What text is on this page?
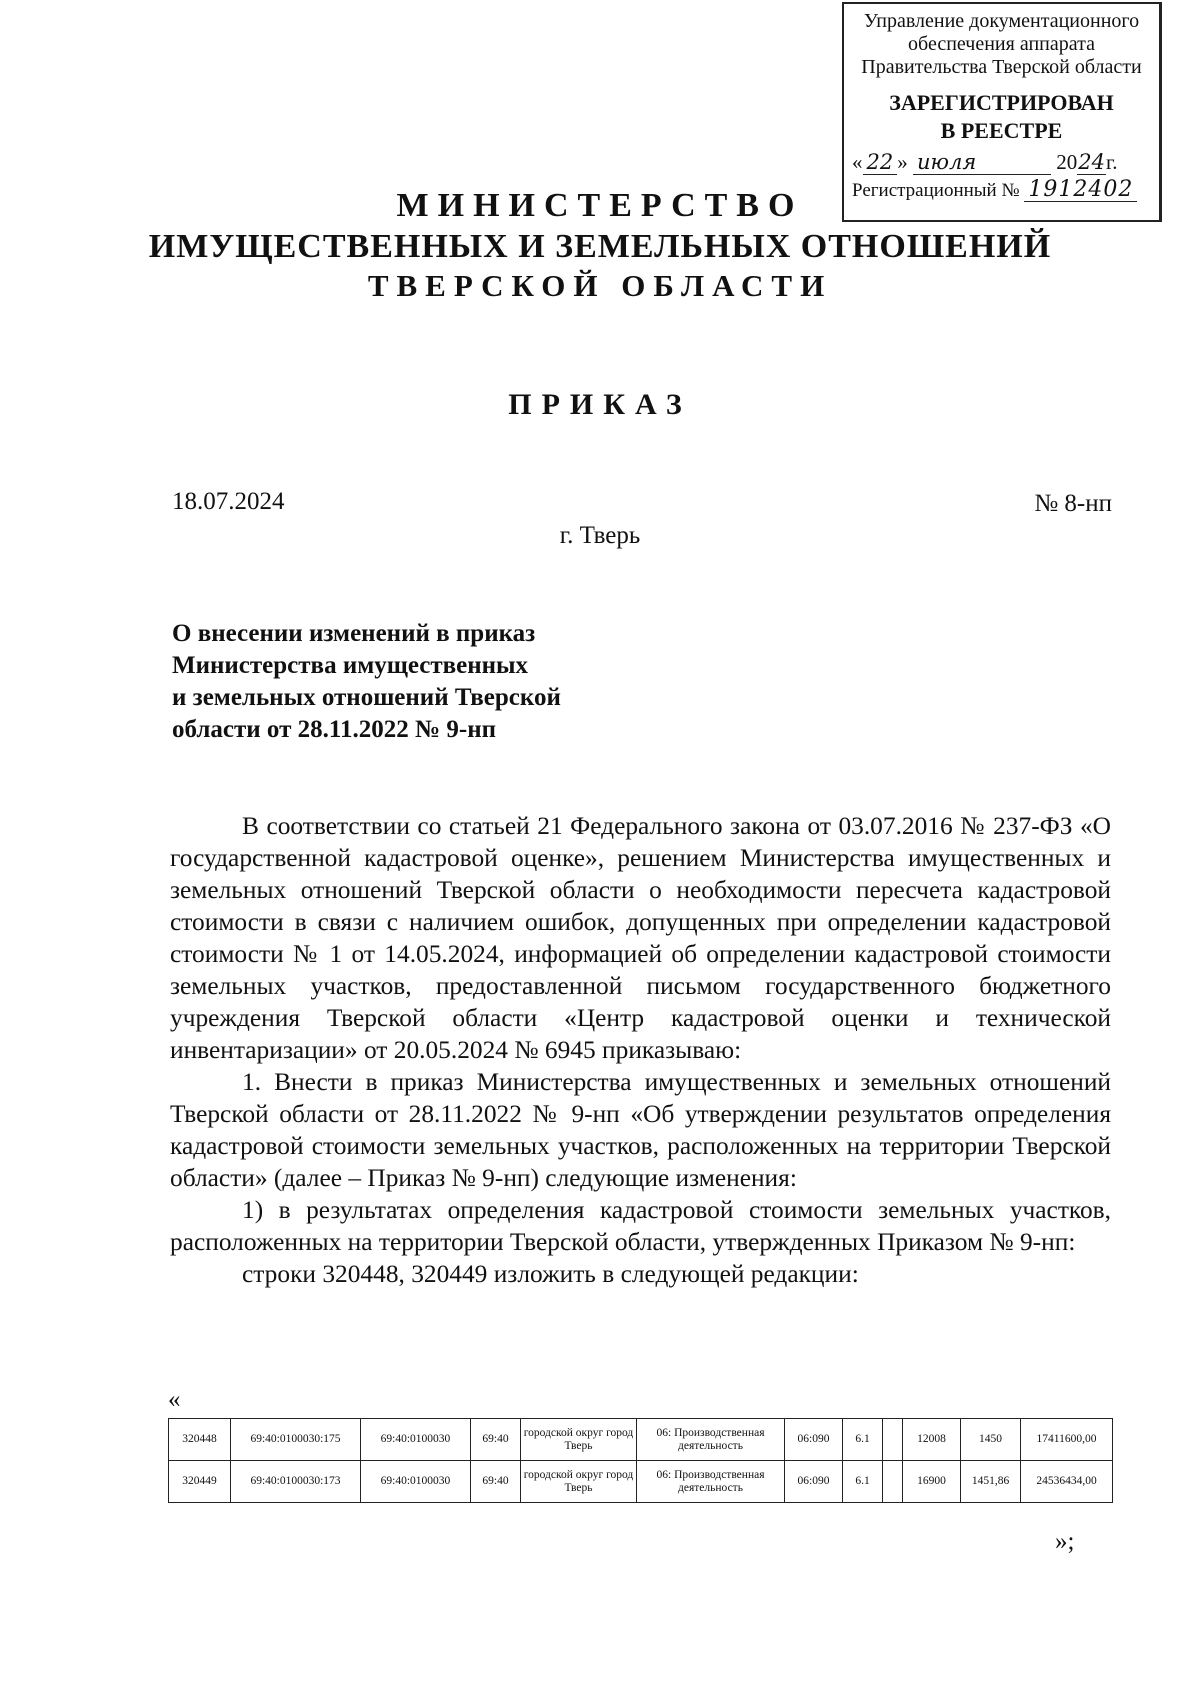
Управление документационного
обеспечения аппарата
Правительства Тверской области
ЗАРЕГИСТРИРОВАН
В РЕЕСТРЕ
« 22 » июля	2024г.
Регистрационный № 1912402
МИНИСТЕРСТВО
ИМУЩЕСТВЕННЫХ И ЗЕМЕЛЬНЫХ ОТНОШЕНИЙ
ТВЕРСКОЙ ОБЛАСТИ
ПРИКАЗ
18.07.2024	№ 8-нп
г. Тверь
О внесении изменений в приказ
Министерства имущественных
и земельных отношений Тверской
области от 28.11.2022 № 9-нп

В соответствии со статьей 21 Федерального закона от 03.07.2016 № 237-ФЗ «О государственной кадастровой оценке», решением Министерства имущественных и земельных отношений Тверской области о необходимости пересчета кадастровой стоимости в связи с наличием ошибок, допущенных при определении кадастровой стоимости № 1 от 14.05.2024, информацией об определении кадастровой стоимости земельных участков, предоставленной письмом государственного бюджетного учреждения Тверской области «Центр кадастровой оценки и технической инвентаризации» от 20.05.2024 № 6945 приказываю:

1. Внести в приказ Министерства имущественных и земельных отношений Тверской области от 28.11.2022 № 9-нп «Об утверждении результатов определения кадастровой стоимости земельных участков, расположенных на территории Тверской области» (далее – Приказ № 9-нп) следующие изменения:

1) в результатах определения кадастровой стоимости земельных участков, расположенных на территории Тверской области, утвержденных Приказом № 9-нп:

строки 320448, 320449 изложить в следующей редакции:

«
320448	69:40:0100030:175	69:40:0100030	69:40	городской округ город Тверь	06: Производственная деятельность	06:090	6.1		12008	1450	17411600,00
320449	69:40:0100030:173	69:40:0100030	69:40	городской округ город Тверь	06: Производственная деятельность	06:090	6.1		16900	1451,86	24536434,00
»;
